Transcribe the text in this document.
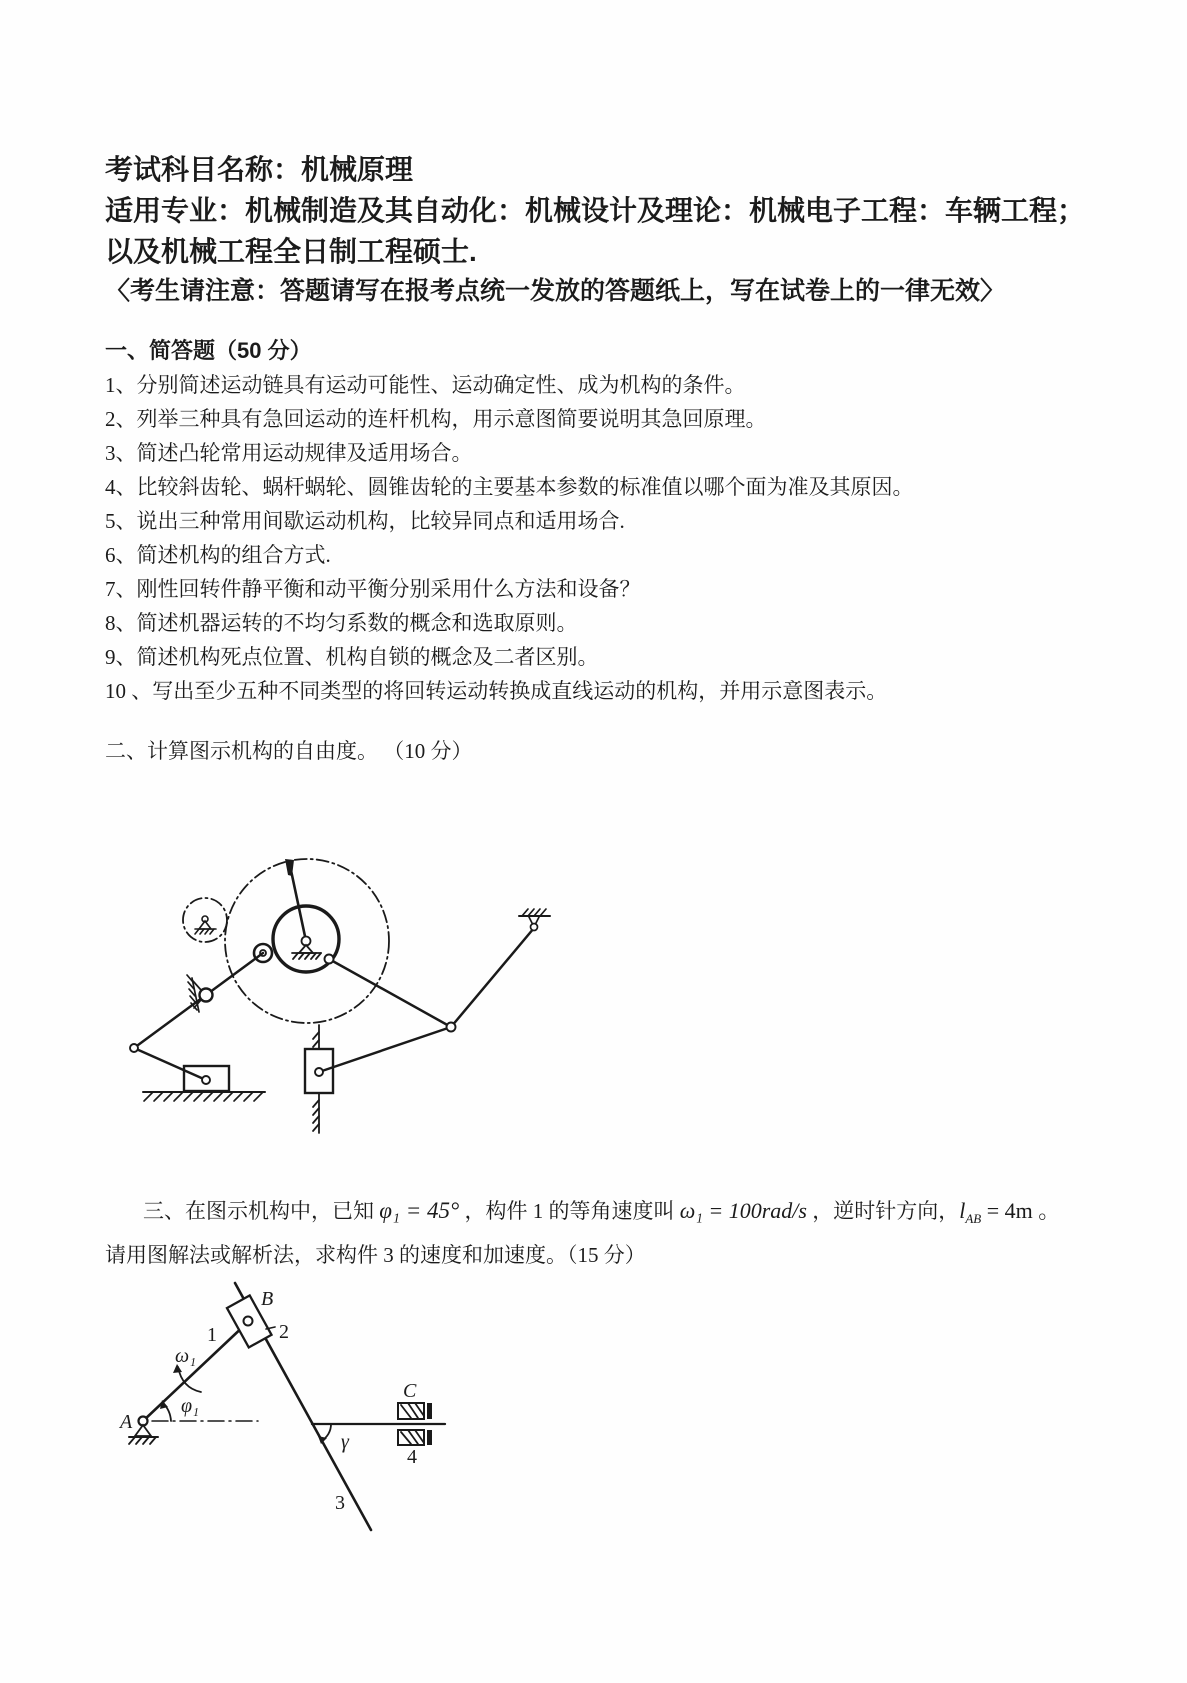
考试科目名称：机械原理
适用专业：机械制造及其自动化：机械设计及理论：机械电子工程：车辆工程；
以及机械工程全日制工程硕士.
〈考生请注意：答题请写在报考点统一发放的答题纸上，写在试卷上的一律无效〉
一、简答题（50 分）
1、分别简述运动链具有运动可能性、运动确定性、成为机构的条件。
2、列举三种具有急回运动的连杆机构，用示意图简要说明其急回原理。
3、简述凸轮常用运动规律及适用场合。
4、比较斜齿轮、蜗杆蜗轮、圆锥齿轮的主要基本参数的标准值以哪个面为准及其原因。
5、说出三种常用间歇运动机构，比较异同点和适用场合.
6、简述机构的组合方式.
7、刚性回转件静平衡和动平衡分别采用什么方法和设备？
8、简述机器运转的不均匀系数的概念和选取原则。
9、简述机构死点位置、机构自锁的概念及二者区别。
10 、写出至少五种不同类型的将回转运动转换成直线运动的机构，并用示意图表示。
二、计算图示机构的自由度。 （10 分）
三、在图示机构中，已知 φ₁ = 45° ，构件 1 的等角速度叫 ω₁ = 100rad/s ，逆时针方向，$l_{AB} = 4m$ 。
请用图解法或解析法，求构件 3 的速度和加速度。（15 分）
A
B
C
1	2
3
4
ω₁
φ₁
γ
